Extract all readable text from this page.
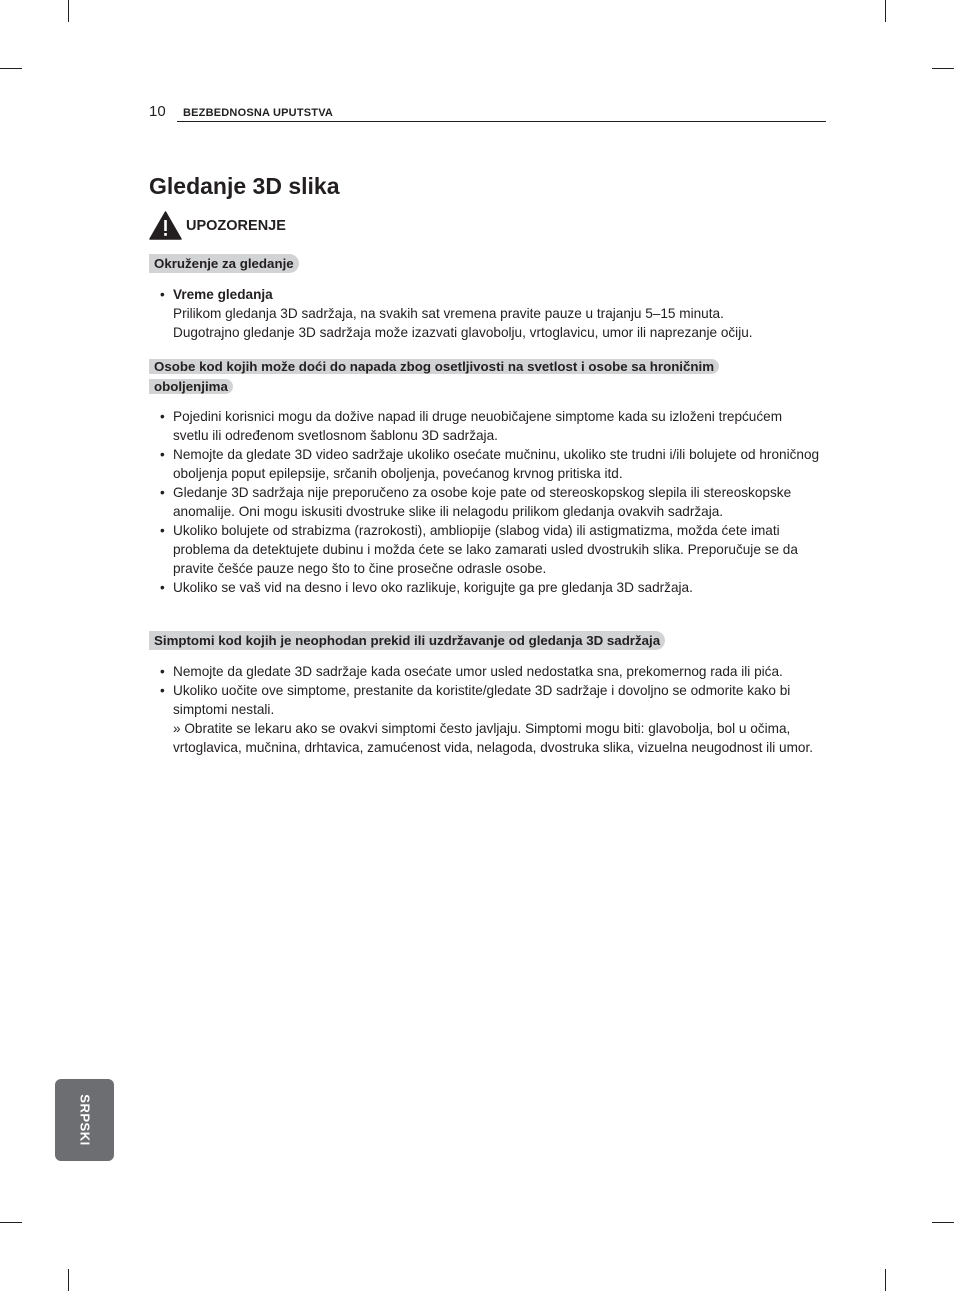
10 BEZBEDNOSNA UPUTSTVA
Gledanje 3D slika
UPOZORENJE
Okruženje za gledanje
• Vreme gledanja
Prilikom gledanja 3D sadržaja, na svakih sat vremena pravite pauze u trajanju 5–15 minuta.
Dugotrajno gledanje 3D sadržaja može izazvati glavobolju, vrtoglavicu, umor ili naprezanje očiju.
Osobe kod kojih može doći do napada zbog osetljivosti na svetlost i osobe sa hroničnim
oboljenjima
• Pojedini korisnici mogu da dožive napad ili druge neuobičajene simptome kada su izloženi trepćućem svetlu ili određenom svetlosnom šablonu 3D sadržaja.
• Nemojte da gledate 3D video sadržaje ukoliko osećate mučninu, ukoliko ste trudni i/ili bolujete od hroničnog oboljenja poput epilepsije, srčanih oboljenja, povećanog krvnog pritiska itd.
• Gledanje 3D sadržaja nije preporučeno za osobe koje pate od stereoskopskog slepila ili stereoskopske anomalije. Oni mogu iskusiti dvostruke slike ili nelagodu prilikom gledanja ovakvih sadržaja.
• Ukoliko bolujete od strabizma (razrokosti), ambliopije (slabog vida) ili astigmatizma, možda ćete imati problema da detektujete dubinu i možda ćete se lako zamarati usled dvostrukih slika. Preporučuje se da pravite češće pauze nego što to čine prosečne odrasle osobe.
• Ukoliko se vaš vid na desno i levo oko razlikuje, korigujte ga pre gledanja 3D sadržaja.
Simptomi kod kojih je neophodan prekid ili uzdržavanje od gledanja 3D sadržaja
• Nemojte da gledate 3D sadržaje kada osećate umor usled nedostatka sna, prekomernog rada ili pića.
• Ukoliko uočite ove simptome, prestanite da koristite/gledate 3D sadržaje i dovoljno se odmorite kako bi simptomi nestali.
» Obratite se lekaru ako se ovakvi simptomi često javljaju. Simptomi mogu biti: glavobolja, bol u očima, vrtoglavica, mučnina, drhtavica, zamućenost vida, nelagoda, dvostruka slika, vizuelna neugodnost ili umor.
SRPSKI
